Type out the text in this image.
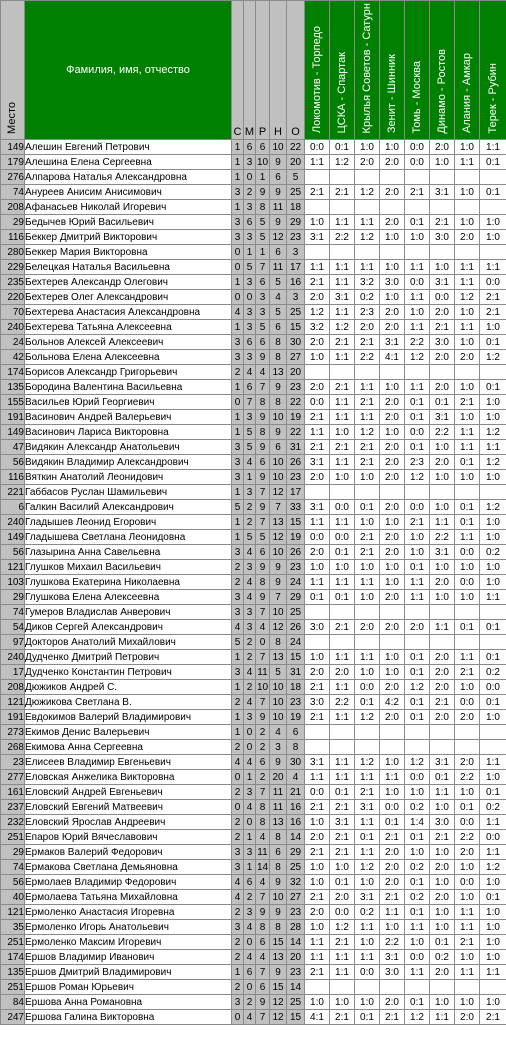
Место	Фамилия, имя, отчество	С	М	Р	Н	О	Локомотив - Торпедо	ЦСКА - Спартак	Крылья Советов - Сатурн	Зенит - Шинник	Томь - Москва	Динамо - Ростов	Алания - Амкар	Терек - Рубин
149	Алешин Евгений Петрович	1	6	6	10	22	0:0	0:1	1:0	1:0	0:0	2:0	1:0	1:1
179	Алешина Елена Сергеевна	1	3	10	9	20	1:1	1:2	2:0	2:0	0:0	1:0	1:1	0:1
276	Алпарова Наталья Александровна	1	0	1	6	5								
74	Ануреев Анисим Анисимович	3	2	9	9	25	2:1	2:1	1:2	2:0	2:1	3:1	1:0	0:1
208	Афанасьев Николай Игоревич	1	3	8	11	18								
29	Бедычев Юрий Васильевич	3	6	5	9	29	1:0	1:1	1:1	2:0	0:1	2:1	1:0	1:0
116	Беккер Дмитрий Викторович	3	3	5	12	23	3:1	2:2	1:2	1:0	1:0	3:0	2:0	1:0
280	Беккер Мария Викторовна	0	1	1	6	3								
229	Белецкая Наталья Васильевна	0	5	7	11	17	1:1	1:1	1:1	1:0	1:1	1:0	1:1	1:1
235	Бехтерев Александр Олегович	1	3	6	5	16	2:1	1:1	3:2	3:0	0:0	3:1	1:1	0:0
220	Бехтерев Олег Александрович	0	0	3	4	3	2:0	3:1	0:2	1:0	1:1	0:0	1:2	2:1
70	Бехтерева Анастасия Александровна	4	3	3	5	25	1:2	1:1	2:3	2:0	1:0	2:0	1:0	2:1
240	Бехтерева Татьяна Алексеевна	1	3	5	6	15	3:2	1:2	2:0	2:0	1:1	2:1	1:1	1:0
24	Больнов Алексей Алексеевич	3	6	6	8	30	2:0	2:1	2:1	3:1	2:2	3:0	1:0	0:1
42	Больнова Елена Алексеевна	3	3	9	8	27	1:0	1:1	2:2	4:1	1:2	2:0	2:0	1:2
174	Борисов Александр Григорьевич	2	4	4	13	20								
135	Бородина Валентина Васильевна	1	6	7	9	23	2:0	2:1	1:1	1:0	1:1	2:0	1:0	0:1
155	Васильев Юрий Георгиевич	0	7	8	8	22	0:0	1:1	2:1	2:0	0:1	0:1	2:1	1:0
191	Васинович Андрей Валерьевич	1	3	9	10	19	2:1	1:1	1:1	2:0	0:1	3:1	1:0	1:0
149	Васинович Лариса Викторовна	1	5	8	9	22	1:1	1:0	1:2	1:0	0:0	2:2	1:1	1:2
47	Видякин Александр Анатольевич	3	5	9	6	31	2:1	2:1	2:1	2:0	0:1	1:0	1:1	1:1
56	Видякин Владимир Александрович	3	4	6	10	26	3:1	1:1	2:1	2:0	2:3	2:0	0:1	1:2
116	Вяткин Анатолий Леонидович	3	1	9	10	23	2:0	1:0	1:0	2:0	1:2	1:0	1:0	1:0
221	Габбасов Руслан Шамильевич	1	3	7	12	17								
6	Галкин Василий Александрович	5	2	9	7	33	3:1	0:0	0:1	2:0	0:0	1:0	0:1	1:2
240	Гладышев Леонид Егорович	1	2	7	13	15	1:1	1:1	1:0	1:0	2:1	1:1	0:1	1:0
149	Гладышева Светлана Леонидовна	1	5	5	12	19	0:0	0:0	2:1	2:0	1:0	2:2	1:1	1:0
56	Глазырина Анна Савельевна	3	4	6	10	26	2:0	0:1	2:1	2:0	1:0	3:1	0:0	0:2
121	Глушков Михаил Васильевич	2	3	9	9	23	1:0	1:0	1:0	1:0	0:1	1:0	1:0	1:0
103	Глушкова Екатерина Николаевна	2	4	8	9	24	1:1	1:1	1:1	1:0	1:1	2:0	0:0	1:0
29	Глушкова Елена Алексеевна	3	4	9	7	29	0:1	0:1	1:0	2:0	1:1	1:0	1:0	1:1
74	Гумеров Владислав Анверович	3	3	7	10	25								
54	Диков Сергей Александрович	4	3	4	12	26	3:0	2:1	2:0	2:0	2:0	1:1	0:1	0:1
97	Докторов Анатолий Михайлович	5	2	0	8	24								
240	Дудченко Дмитрий Петрович	1	2	7	13	15	1:0	1:1	1:1	1:0	0:1	2:0	1:1	0:1
17	Дудченко Константин Петрович	3	4	11	5	31	2:0	2:0	1:0	1:0	0:1	2:0	2:1	0:2
208	Дюжиков Андрей С.	1	2	10	10	18	2:1	1:1	0:0	2:0	1:2	2:0	1:0	0:0
121	Дюжикова Светлана В.	2	4	7	10	23	3:0	2:2	0:1	4:2	0:1	2:1	0:0	0:1
191	Евдокимов Валерий Владимирович	1	3	9	10	19	2:1	1:1	1:2	2:0	0:1	2:0	2:0	1:0
273	Екимов Денис Валерьевич	1	0	2	4	6								
268	Екимова Анна Сергеевна	2	0	2	3	8								
23	Елисеев Владимир Евгеньевич	4	4	6	9	30	3:1	1:1	1:2	1:0	1:2	3:1	2:0	1:1
277	Еловская Анжелика Викторовна	0	1	2	20	4	1:1	1:1	1:1	1:1	0:0	0:1	2:2	1:0
161	Еловский Андрей Евгеньевич	2	3	7	11	21	0:0	0:1	2:1	1:0	1:0	1:1	1:0	0:1
237	Еловский Евгений Матвеевич	0	4	8	11	16	2:1	2:1	3:1	0:0	0:2	1:0	0:1	0:2
232	Еловский Ярослав Андреевич	2	0	8	13	16	1:0	3:1	1:1	0:1	1:4	3:0	0:0	1:1
251	Епаров Юрий Вячеславович	2	1	4	8	14	2:0	2:1	0:1	2:1	0:1	2:1	2:2	0:0
29	Ермаков Валерий Федорович	3	3	11	6	29	2:1	2:1	1:1	2:0	1:0	1:0	2:0	1:1
74	Ермакова Светлана Демьяновна	3	1	14	8	25	1:0	1:0	1:2	2:0	0:2	2:0	1:0	1:2
56	Ермолаев Владимир Федорович	4	6	4	9	32	1:0	0:1	1:0	2:0	0:1	1:0	0:0	1:0
40	Ермолаева Татьяна Михайловна	4	2	7	10	27	2:1	2:0	3:1	2:1	0:2	2:0	1:0	0:1
121	Ермоленко Анастасия Игоревна	2	3	9	9	23	2:0	0:0	0:2	1:1	0:1	1:0	1:1	1:0
35	Ермоленко Игорь Анатольевич	3	4	8	8	28	1:0	1:2	1:1	1:0	1:1	1:0	1:1	1:0
251	Ермоленко Максим Игоревич	2	0	6	15	14	1:1	2:1	1:0	2:2	1:0	0:1	2:1	1:0
174	Ершов Владимир Иванович	2	4	4	13	20	1:1	1:1	1:1	3:1	0:0	0:2	1:0	1:0
135	Ершов Дмитрий Владимирович	1	6	7	9	23	2:1	1:1	0:0	3:0	1:1	2:0	1:1	1:1
251	Ершов Роман Юрьевич	2	0	6	15	14								
84	Ершова Анна Романовна	3	2	9	12	25	1:0	1:0	1:0	2:0	0:1	1:0	1:0	1:0
247	Ершова Галина Викторовна	0	4	7	12	15	4:1	2:1	0:1	2:1	1:2	1:1	2:0	2:1
